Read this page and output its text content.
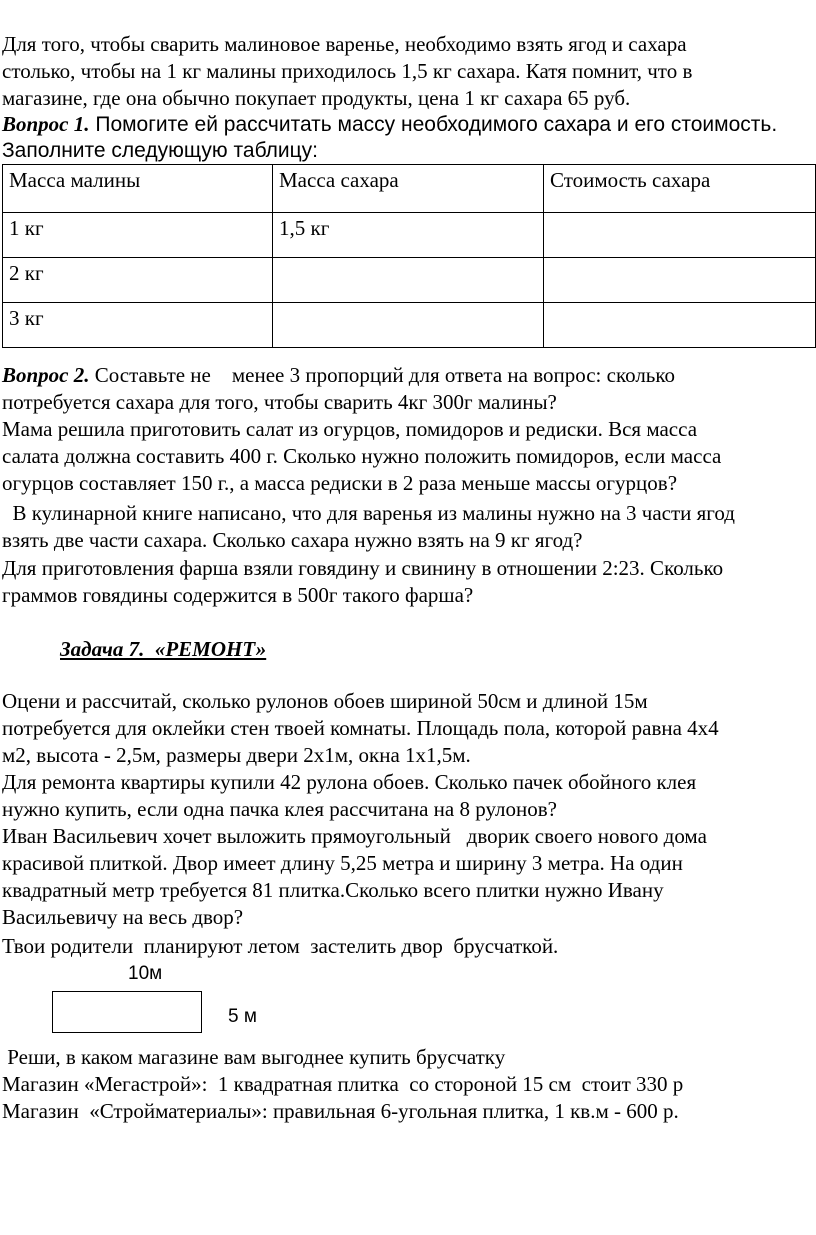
Для того, чтобы сварить малиновое варенье, необходимо взять ягод и сахара
столько, чтобы на 1 кг малины приходилось 1,5 кг сахара. Катя помнит, что в
магазине, где она обычно покупает продукты, цена 1 кг сахара 65 руб.
Вопрос 1. Помогите ей рассчитать массу необходимого сахара и его стоимость.
Заполните следующую таблицу:
Масса малины	Масса сахара	Стоимость сахара
1 кг	1,5 кг	
2 кг		
3 кг		
Вопрос 2. Составьте не    менее 3 пропорций для ответа на вопрос: сколько
потребуется сахара для того, чтобы сварить 4кг 300г малины?
Мама решила приготовить салат из огурцов, помидоров и редиски. Вся масса
салата должна составить 400 г. Сколько нужно положить помидоров, если масса
огурцов составляет 150 г., а масса редиски в 2 раза меньше массы огурцов?
В кулинарной книге написано, что для варенья из малины нужно на 3 части ягод
взять две части сахара. Сколько сахара нужно взять на 9 кг ягод?
Для приготовления фарша взяли говядину и свинину в отношении 2:23. Сколько
граммов говядины содержится в 500г такого фарша?
Задача 7.  «РЕМОНТ»
Оцени и рассчитай, сколько рулонов обоев шириной 50см и длиной 15м
потребуется для оклейки стен твоей комнаты. Площадь пола, которой равна 4х4
м2, высота - 2,5м, размеры двери 2х1м, окна 1х1,5м.
Для ремонта квартиры купили 42 рулона обоев. Сколько пачек обойного клея
нужно купить, если одна пачка клея рассчитана на 8 рулонов?
Иван Васильевич хочет выложить прямоугольный   дворик своего нового дома
красивой плиткой. Двор имеет длину 5,25 метра и ширину 3 метра. На один
квадратный метр требуется 81 плитка.Сколько всего плитки нужно Ивану
Васильевичу на весь двор?
Твои родители  планируют летом  застелить двор  брусчаткой.
10м
5 м
Реши, в каком магазине вам выгоднее купить брусчатку
Магазин «Мегастрой»:  1 квадратная плитка  со стороной 15 см  стоит 330 р
Магазин  «Стройматериалы»: правильная 6-угольная плитка, 1 кв.м - 600 р.
